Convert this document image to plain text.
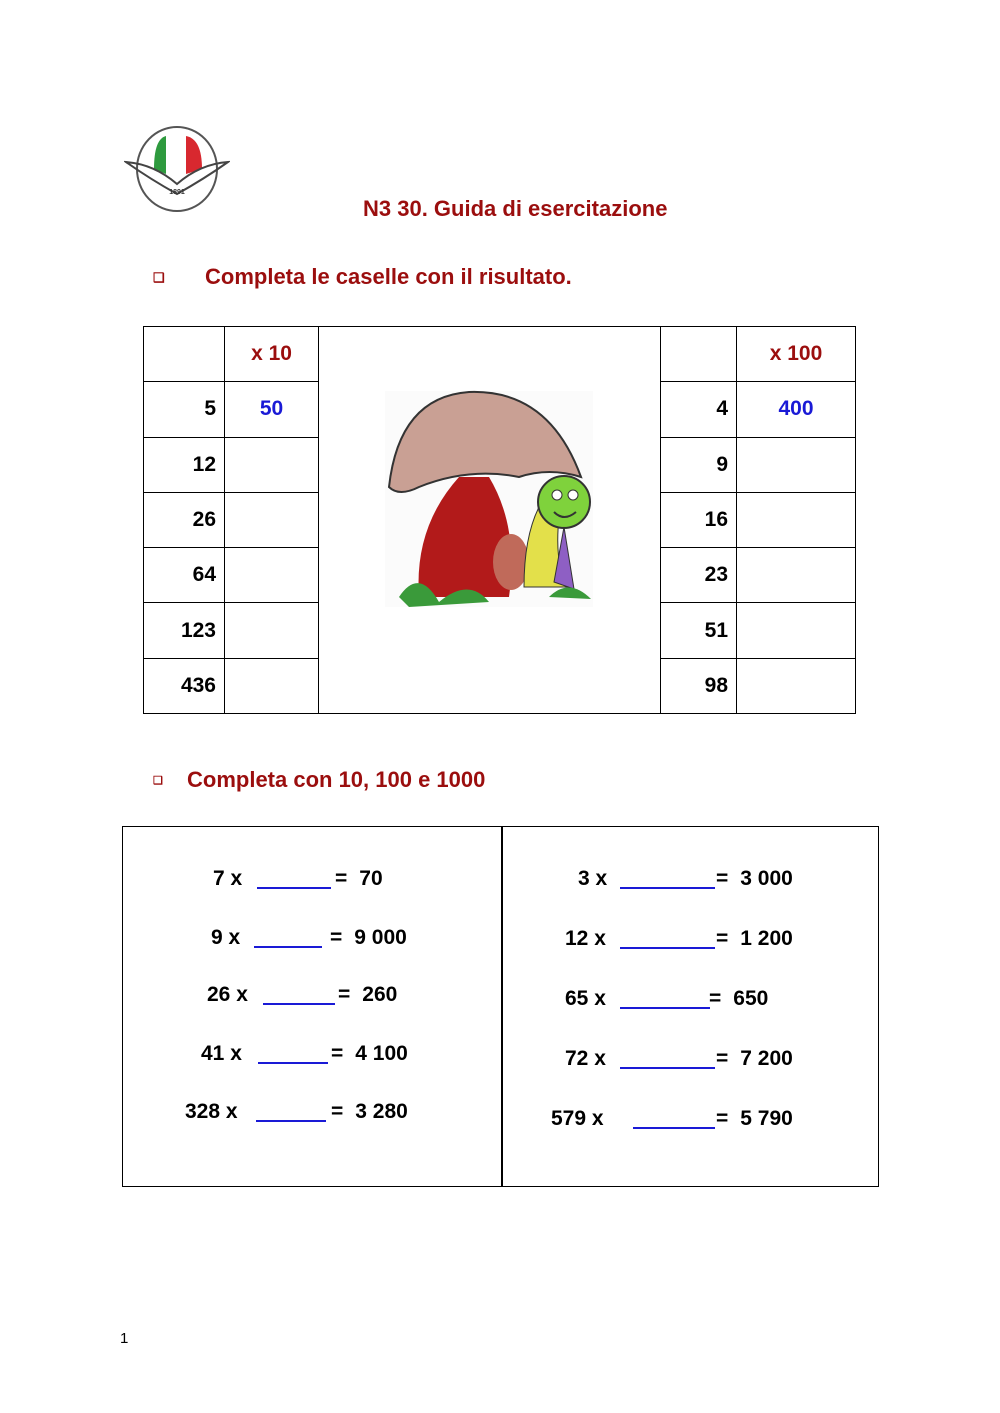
1891
N3 30. Guida di esercitazione
❑ Completa le caselle con il risultato.
	x 10			x 100
5	50		4	400
12			9	
26			16	
64			23	
123			51	
436			98	
❑ Completa con 10, 100 e 1000
7 x	= 70	3 x	= 3 000
9 x	= 9 000	12 x	= 1 200
26 x	= 260	65 x	= 650
41 x	= 4 100	72 x	= 7 200
328 x	= 3 280	579 x	= 5 790
1
